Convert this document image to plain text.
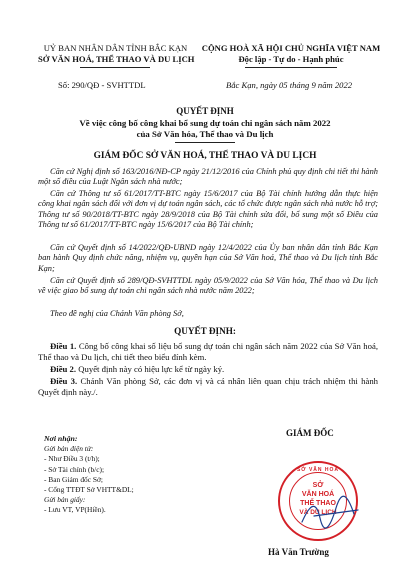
UỶ BAN NHÂN DÂN TỈNH BẮC KẠN
SỞ VĂN HOÁ, THỂ THAO VÀ DU LỊCH
CỘNG HOÀ XÃ HỘI CHỦ NGHĨA VIỆT NAM
Độc lập - Tự do - Hạnh phúc
Số: 290/QĐ - SVHTTDL	Bắc Kạn, ngày 05 tháng 9 năm 2022
QUYẾT ĐỊNH
Về việc công bố công khai bổ sung dự toán chi ngân sách năm 2022
của Sở Văn hóa, Thể thao và Du lịch
GIÁM ĐỐC SỞ VĂN HOÁ, THỂ THAO VÀ DU LỊCH
Căn cứ Nghị định số 163/2016/NĐ-CP ngày 21/12/2016 của Chính phủ quy định chi tiết thi hành một số điều của Luật Ngân sách nhà nước;
Căn cứ Thông tư số 61/2017/TT-BTC ngày 15/6/2017 của Bộ Tài chính hướng dẫn thực hiện công khai ngân sách đối với đơn vị dự toán ngân sách, các tổ chức được ngân sách nhà nước hỗ trợ; Thông tư số 90/2018/TT-BTC ngày 28/9/2018 của Bộ Tài chính sửa đổi, bổ sung một số Điều của Thông tư số 61/2017/TT-BTC ngày 15/6/2017 của Bộ Tài chính;
Căn cứ Quyết định số 14/2022/QĐ-UBND ngày 12/4/2022 của Ủy ban nhân dân tỉnh Bắc Kạn ban hành Quy định chức năng, nhiệm vụ, quyền hạn của Sở Văn hoá, Thể thao và Du lịch tỉnh Bắc Kạn;
Căn cứ Quyết định số 289/QĐ-SVHTTDL ngày 05/9/2022 của Sở Văn hóa, Thể thao và Du lịch về việc giao bổ sung dự toán chi ngân sách nhà nước năm 2022;
Theo đề nghị của Chánh Văn phòng Sở,
QUYẾT ĐỊNH:
Điều 1. Công bố công khai số liệu bổ sung dự toán chi ngân sách năm 2022 của Sở Văn hoá, Thể thao và Du lịch, chi tiết theo biểu đính kèm.
Điều 2. Quyết định này có hiệu lực kể từ ngày ký.
Điều 3. Chánh Văn phòng Sở, các đơn vị và cá nhân liên quan chịu trách nhiệm thi hành Quyết định này./.
Nơi nhận:
Gửi bản điện tử:
- Như Điều 3 (t/h);
- Sở Tài chính (b/c);
- Ban Giám đốc Sở;
- Cổng TTĐT Sở VHTT&DL;
Gửi bản giấy:
- Lưu VT, VP(Hiền).
GIÁM ĐỐC
SỞ VĂN HOÁ
SỞ
VĂN HOÁ
THỂ THAO
VÀ DU LỊCH
Hà Văn Trường
